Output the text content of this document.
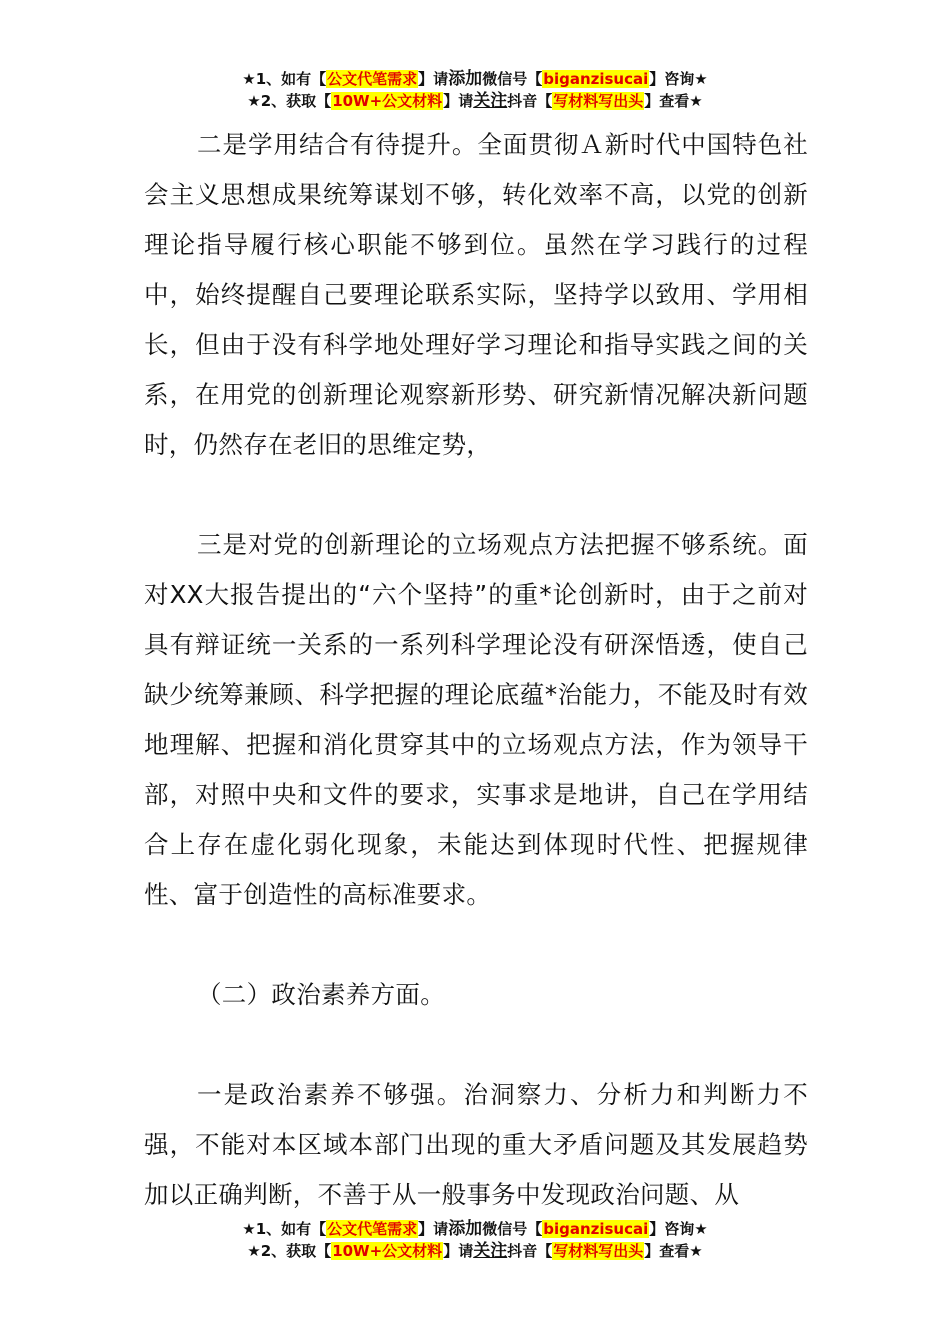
★1、如有【公文代笔需求】请添加微信号【biganzisucai】咨询★
★2、获取【10W+公文材料】请关注抖音【写材料写出头】查看★

二是学用结合有待提升。全面贯彻Ａ新时代中国特色社会主义思想成果统筹谋划不够，转化效率不高，以党的创新理论指导履行核心职能不够到位。虽然在学习践行的过程中，始终提醒自己要理论联系实际，坚持学以致用、学用相长，但由于没有科学地处理好学习理论和指导实践之间的关系，在用党的创新理论观察新形势、研究新情况解决新问题时，仍然存在老旧的思维定势，

三是对党的创新理论的立场观点方法把握不够系统。面对XX大报告提出的“六个坚持”的重*论创新时，由于之前对具有辩证统一关系的一系列科学理论没有研深悟透，使自己缺少统筹兼顾、科学把握的理论底蕴*治能力，不能及时有效地理解、把握和消化贯穿其中的立场观点方法，作为领导干部，对照中央和文件的要求，实事求是地讲，自己在学用结合上存在虚化弱化现象，未能达到体现时代性、把握规律性、富于创造性的高标准要求。

（二）政治素养方面。

一是政治素养不够强。治洞察力、分析力和判断力不强，不能对本区域本部门出现的重大矛盾问题及其发展趋势加以正确判断，不善于从一般事务中发现政治问题、从

★1、如有【公文代笔需求】请添加微信号【biganzisucai】咨询★
★2、获取【10W+公文材料】请关注抖音【写材料写出头】查看★
